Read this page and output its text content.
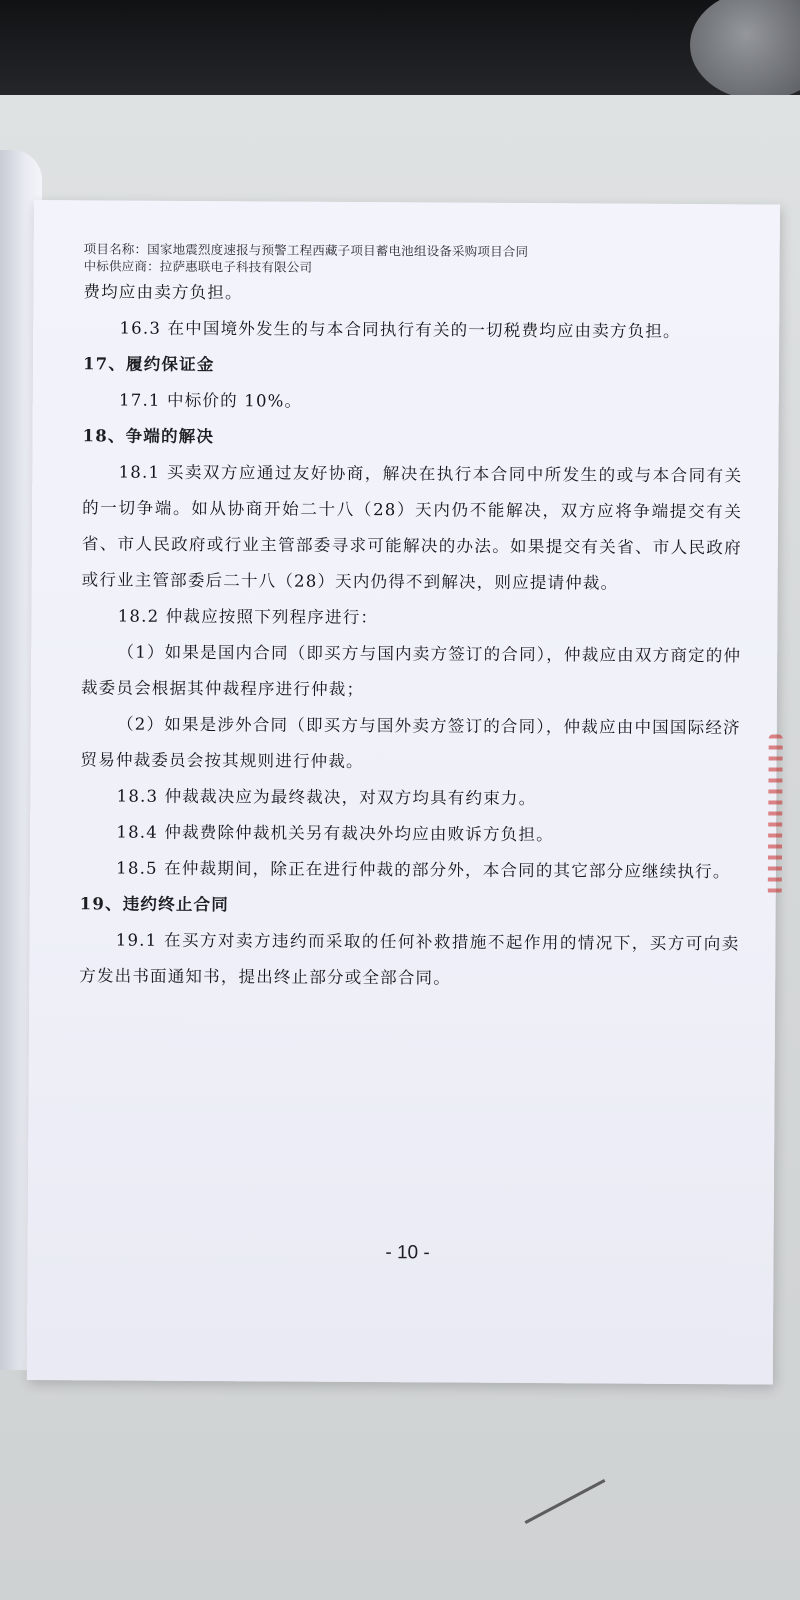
项目名称：国家地震烈度速报与预警工程西藏子项目蓄电池组设备采购项目合同
中标供应商：拉萨惠联电子科技有限公司

费均应由卖方负担。

16.3 在中国境外发生的与本合同执行有关的一切税费均应由卖方负担。

17、履约保证金

17.1 中标价的 10%。

18、争端的解决

18.1 买卖双方应通过友好协商，解决在执行本合同中所发生的或与本合同有关的一切争端。如从协商开始二十八（28）天内仍不能解决，双方应将争端提交有关省、市人民政府或行业主管部委寻求可能解决的办法。如果提交有关省、市人民政府或行业主管部委后二十八（28）天内仍得不到解决，则应提请仲裁。

18.2 仲裁应按照下列程序进行：

（1）如果是国内合同（即买方与国内卖方签订的合同），仲裁应由双方商定的仲裁委员会根据其仲裁程序进行仲裁；

（2）如果是涉外合同（即买方与国外卖方签订的合同），仲裁应由中国国际经济贸易仲裁委员会按其规则进行仲裁。

18.3 仲裁裁决应为最终裁决，对双方均具有约束力。

18.4 仲裁费除仲裁机关另有裁决外均应由败诉方负担。

18.5 在仲裁期间，除正在进行仲裁的部分外，本合同的其它部分应继续执行。

19、违约终止合同

19.1 在买方对卖方违约而采取的任何补救措施不起作用的情况下，买方可向卖方发出书面通知书，提出终止部分或全部合同。

- 10 -
